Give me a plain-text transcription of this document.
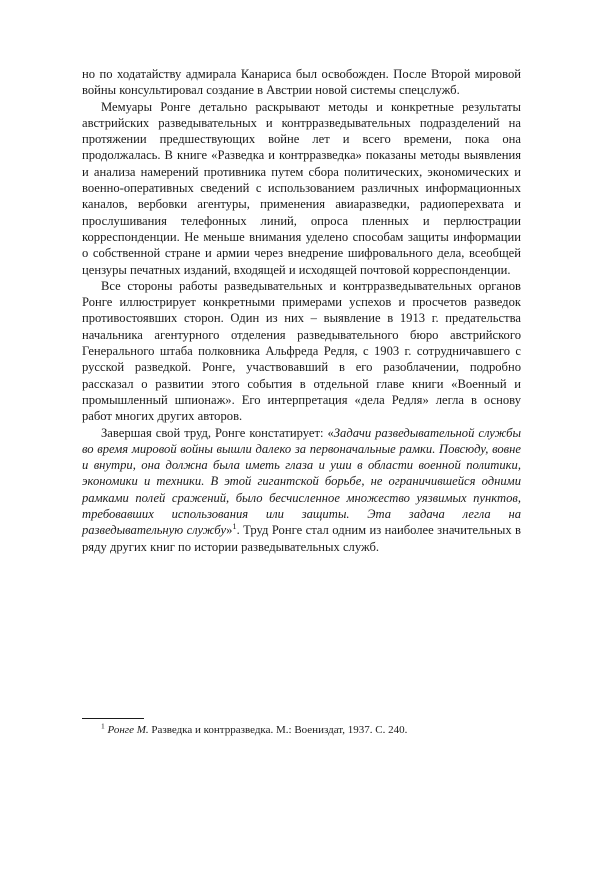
но по ходатайству адмирала Канариса был освобожден. После Второй мировой войны консультировал создание в Австрии новой системы спецслужб.

Мемуары Ронге детально раскрывают методы и конкретные результаты австрийских разведывательных и контрразведывательных подразделений на протяжении предшествующих войне лет и всего времени, пока она продолжалась. В книге «Разведка и контрразведка» показаны методы выявления и анализа намерений противника путем сбора политических, экономических и военно-оперативных сведений с использованием различных информационных каналов, вербовки агентуры, применения авиаразведки, радиоперехвата и прослушивания телефонных линий, опроса пленных и перлюстрации корреспонденции. Не меньше внимания уделено способам защиты информации о собственной стране и армии через внедрение шифровального дела, всеобщей цензуры печатных изданий, входящей и исходящей почтовой корреспонденции.

Все стороны работы разведывательных и контрразведывательных органов Ронге иллюстрирует конкретными примерами успехов и просчетов разведок противостоявших сторон. Один из них – выявление в 1913 г. предательства начальника агентурного отделения разведывательного бюро австрийского Генерального штаба полковника Альфреда Редля, с 1903 г. сотрудничавшего с русской разведкой. Ронге, участвовавший в его разоблачении, подробно рассказал о развитии этого события в отдельной главе книги «Военный и промышленный шпионаж». Его интерпретация «дела Редля» легла в основу работ многих других авторов.

Завершая свой труд, Ронге констатирует: «Задачи разведывательной службы во время мировой войны вышли далеко за первоначальные рамки. Повсюду, вовне и внутри, она должна была иметь глаза и уши в области военной политики, экономики и техники. В этой гигантской борьбе, не ограничившейся одними рамками полей сражений, было бесчисленное множество уязвимых пунктов, требовавших использования или защиты. Эта задача легла на разведывательную службу»$^1$. Труд Ронге стал одним из наиболее значительных в ряду других книг по истории разведывательных служб.

$^1$ Ронге М. Разведка и контрразведка. М.: Воениздат, 1937. С. 240.
